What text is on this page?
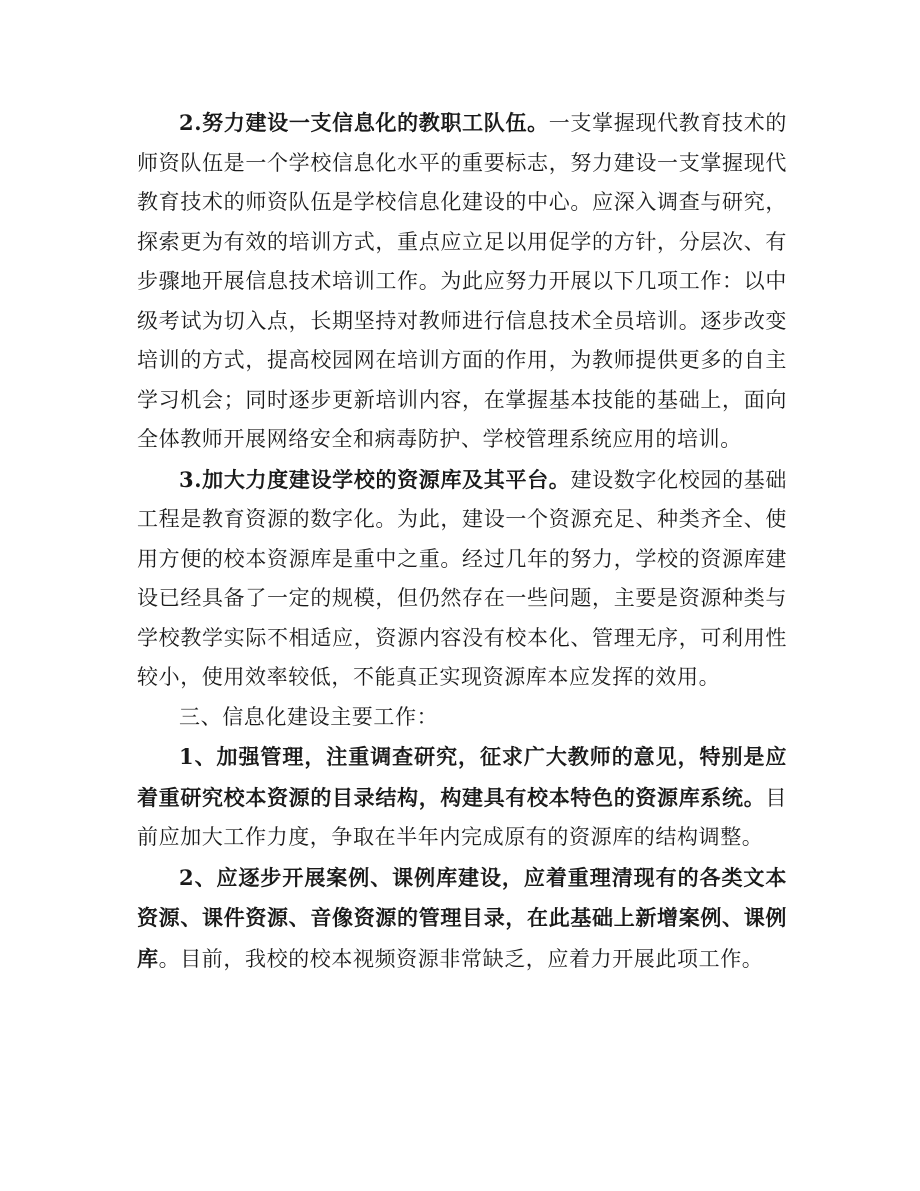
2.努力建设一支信息化的教职工队伍。一支掌握现代教育技术的师资队伍是一个学校信息化水平的重要标志，努力建设一支掌握现代教育技术的师资队伍是学校信息化建设的中心。应深入调查与研究，探索更为有效的培训方式，重点应立足以用促学的方针，分层次、有步骤地开展信息技术培训工作。为此应努力开展以下几项工作：以中级考试为切入点，长期坚持对教师进行信息技术全员培训。逐步改变培训的方式，提高校园网在培训方面的作用，为教师提供更多的自主学习机会；同时逐步更新培训内容，在掌握基本技能的基础上，面向全体教师开展网络安全和病毒防护、学校管理系统应用的培训。

3.加大力度建设学校的资源库及其平台。建设数字化校园的基础工程是教育资源的数字化。为此，建设一个资源充足、种类齐全、使用方便的校本资源库是重中之重。经过几年的努力，学校的资源库建设已经具备了一定的规模，但仍然存在一些问题，主要是资源种类与学校教学实际不相适应，资源内容没有校本化、管理无序，可利用性较小，使用效率较低，不能真正实现资源库本应发挥的效用。

三、信息化建设主要工作：

1、加强管理，注重调查研究，征求广大教师的意见，特别是应着重研究校本资源的目录结构，构建具有校本特色的资源库系统。目前应加大工作力度，争取在半年内完成原有的资源库的结构调整。

2、应逐步开展案例、课例库建设，应着重理清现有的各类文本资源、课件资源、音像资源的管理目录，在此基础上新增案例、课例库。目前，我校的校本视频资源非常缺乏，应着力开展此项工作。
